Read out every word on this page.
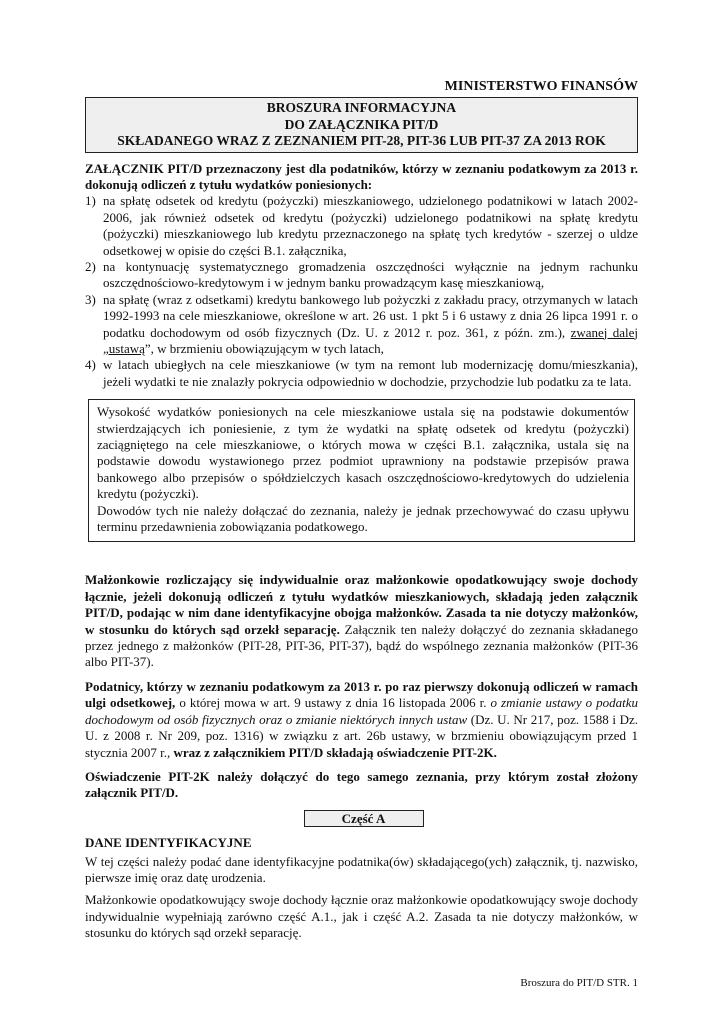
MINISTERSTWO FINANSÓW
BROSZURA INFORMACYJNA
DO ZAŁĄCZNIKA PIT/D
SKŁADANEGO WRAZ Z ZEZNANIEM PIT-28, PIT-36 LUB PIT-37 ZA 2013 ROK
ZAŁĄCZNIK PIT/D przeznaczony jest dla podatników, którzy w zeznaniu podatkowym za 2013 r. dokonują odliczeń z tytułu wydatków poniesionych:
1) na spłatę odsetek od kredytu (pożyczki) mieszkaniowego, udzielonego podatnikowi w latach 2002-2006, jak również odsetek od kredytu (pożyczki) udzielonego podatnikowi na spłatę kredytu (pożyczki) mieszkaniowego lub kredytu przeznaczonego na spłatę tych kredytów - szerzej o uldze odsetkowej w opisie do części B.1. załącznika,
2) na kontynuację systematycznego gromadzenia oszczędności wyłącznie na jednym rachunku oszczędnościowo-kredytowym i w jednym banku prowadzącym kasę mieszkaniową,
3) na spłatę (wraz z odsetkami) kredytu bankowego lub pożyczki z zakładu pracy, otrzymanych w latach 1992-1993 na cele mieszkaniowe, określone w art. 26 ust. 1 pkt 5 i 6 ustawy z dnia 26 lipca 1991 r. o podatku dochodowym od osób fizycznych (Dz. U. z 2012 r. poz. 361, z późn. zm.), zwanej dalej „ustawą”, w brzmieniu obowiązującym w tych latach,
4) w latach ubiegłych na cele mieszkaniowe (w tym na remont lub modernizację domu/mieszkania), jeżeli wydatki te nie znalazły pokrycia odpowiednio w dochodzie, przychodzie lub podatku za te lata.
Wysokość wydatków poniesionych na cele mieszkaniowe ustala się na podstawie dokumentów stwierdzających ich poniesienie, z tym że wydatki na spłatę odsetek od kredytu (pożyczki) zaciągniętego na cele mieszkaniowe, o których mowa w części B.1. załącznika, ustala się na podstawie dowodu wystawionego przez podmiot uprawniony na podstawie przepisów prawa bankowego albo przepisów o spółdzielczych kasach oszczędnościowo-kredytowych do udzielenia kredytu (pożyczki).
Dowodów tych nie należy dołączać do zeznania, należy je jednak przechowywać do czasu upływu terminu przedawnienia zobowiązania podatkowego.
Małżonkowie rozliczający się indywidualnie oraz małżonkowie opodatkowujący swoje dochody łącznie, jeżeli dokonują odliczeń z tytułu wydatków mieszkaniowych, składają jeden załącznik PIT/D, podając w nim dane identyfikacyjne obojga małżonków. Zasada ta nie dotyczy małżonków, w stosunku do których sąd orzekł separację. Załącznik ten należy dołączyć do zeznania składanego przez jednego z małżonków (PIT-28, PIT-36, PIT-37), bądź do wspólnego zeznania małżonków (PIT-36 albo PIT-37).
Podatnicy, którzy w zeznaniu podatkowym za 2013 r. po raz pierwszy dokonują odliczeń w ramach ulgi odsetkowej, o której mowa w art. 9 ustawy z dnia 16 listopada 2006 r. o zmianie ustawy o podatku dochodowym od osób fizycznych oraz o zmianie niektórych innych ustaw (Dz. U. Nr 217, poz. 1588 i Dz. U. z 2008 r. Nr 209, poz. 1316) w związku z art. 26b ustawy, w brzmieniu obowiązującym przed 1 stycznia 2007 r., wraz z załącznikiem PIT/D składają oświadczenie PIT-2K.
Oświadczenie PIT-2K należy dołączyć do tego samego zeznania, przy którym został złożony załącznik PIT/D.
Część A
DANE IDENTYFIKACYJNE
W tej części należy podać dane identyfikacyjne podatnika(ów) składającego(ych) załącznik, tj. nazwisko, pierwsze imię oraz datę urodzenia.
Małżonkowie opodatkowujący swoje dochody łącznie oraz małżonkowie opodatkowujący swoje dochody indywidualnie wypełniają zarówno część A.1., jak i część A.2. Zasada ta nie dotyczy małżonków, w stosunku do których sąd orzekł separację.
Broszura do PIT/D STR. 1
